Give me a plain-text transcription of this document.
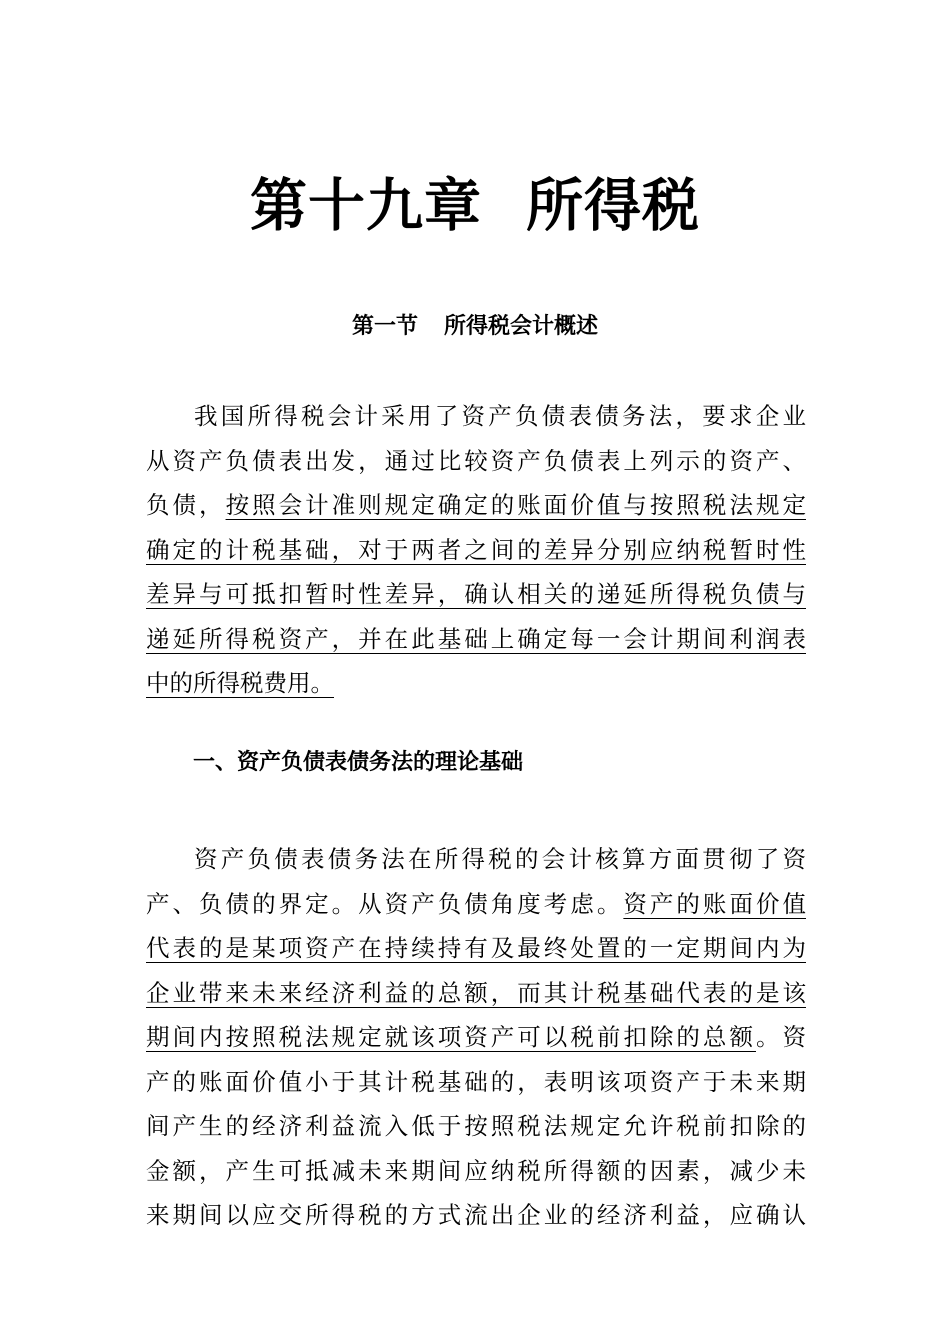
第十九章 所得税
第一节 所得税会计概述
我国所得税会计采用了资产负债表债务法，要求企业
从资产负债表出发，通过比较资产负债表上列示的资产、
负债，按照会计准则规定确定的账面价值与按照税法规定
确定的计税基础，对于两者之间的差异分别应纳税暂时性
差异与可抵扣暂时性差异，确认相关的递延所得税负债与
递延所得税资产，并在此基础上确定每一会计期间利润表
中的所得税费用。
一、资产负债表债务法的理论基础
资产负债表债务法在所得税的会计核算方面贯彻了资
产、负债的界定。从资产负债角度考虑。资产的账面价值
代表的是某项资产在持续持有及最终处置的一定期间内为
企业带来未来经济利益的总额，而其计税基础代表的是该
期间内按照税法规定就该项资产可以税前扣除的总额。资
产的账面价值小于其计税基础的，表明该项资产于未来期
间产生的经济利益流入低于按照税法规定允许税前扣除的
金额，产生可抵减未来期间应纳税所得额的因素，减少未
来期间以应交所得税的方式流出企业的经济利益，应确认
